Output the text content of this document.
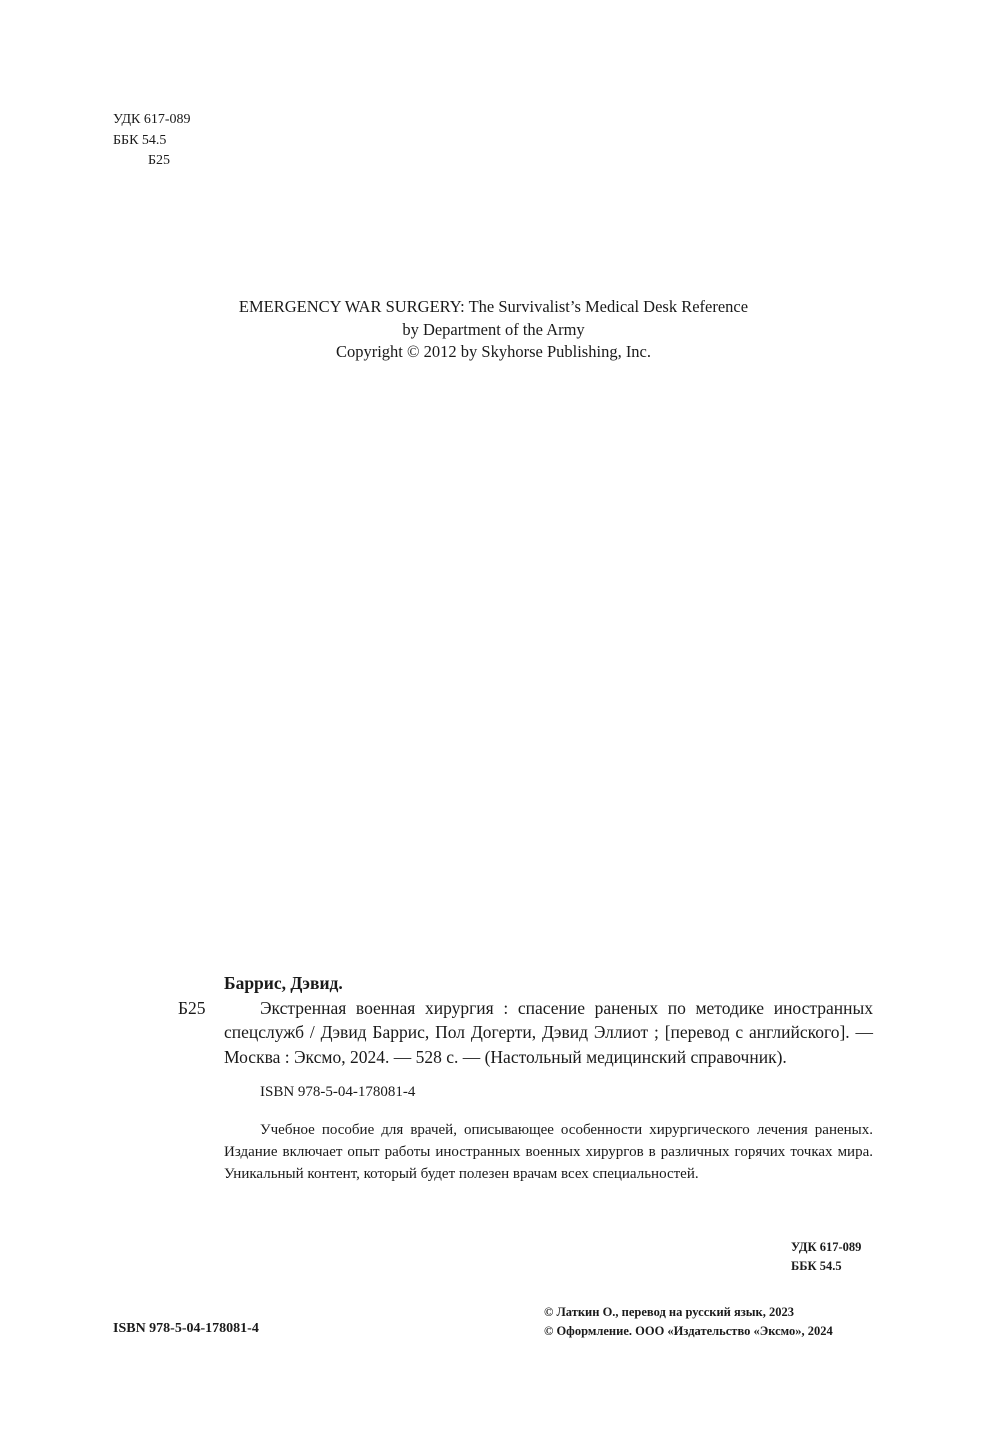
УДК 617-089
ББК 54.5
Б25
EMERGENCY WAR SURGERY: The Survivalist’s Medical Desk Reference
by Department of the Army
Copyright © 2012 by Skyhorse Publishing, Inc.
Баррис, Дэвид.
Б25	Экстренная военная хирургия : спасение раненых по методике иностранных спецслужб / Дэвид Баррис, Пол Догерти, Дэвид Эллиот ; [перевод с английского]. — Москва : Эксмо, 2024. — 528 с. — (Настольный медицинский справочник).
ISBN 978-5-04-178081-4
Учебное пособие для врачей, описывающее особенности хирургического лечения раненых. Издание включает опыт работы иностранных военных хирургов в различных горячих точках мира. Уникальный контент, который будет полезен врачам всех специальностей.
УДК 617-089
ББК 54.5
ISBN 978-5-04-178081-4
© Латкин О., перевод на русский язык, 2023
© Оформление. ООО «Издательство «Эксмо», 2024
